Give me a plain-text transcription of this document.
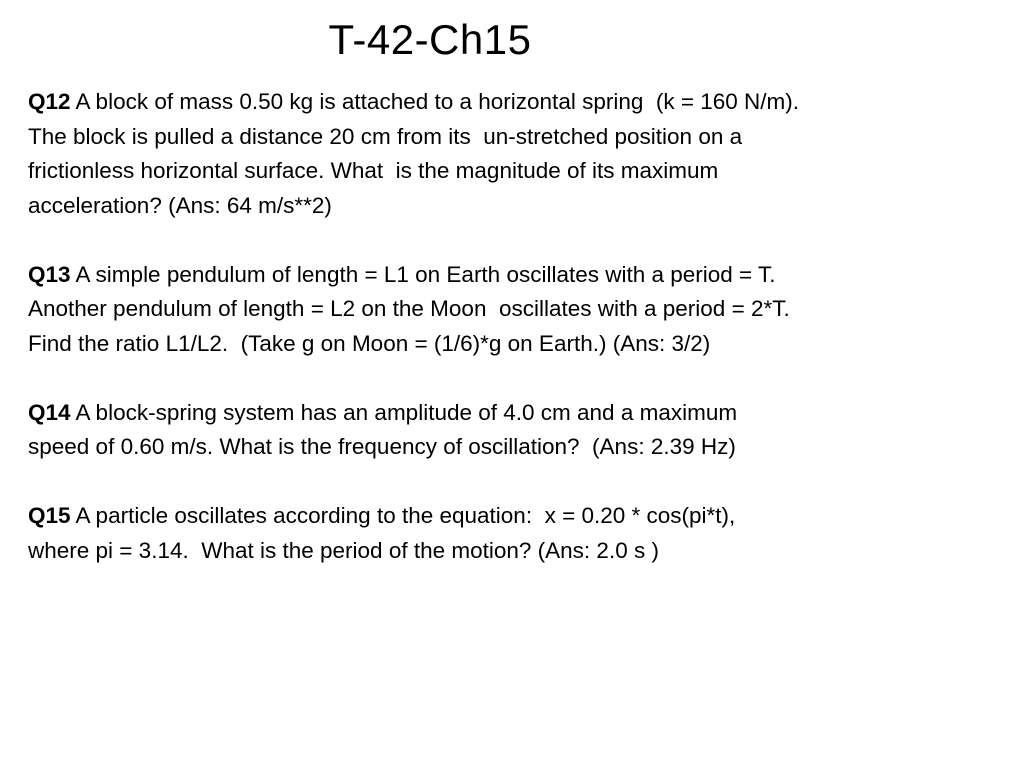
T-42-Ch15
Q12 A block of mass 0.50 kg is attached to a horizontal spring  (k = 160 N/m).
The block is pulled a distance 20 cm from its  un-stretched position on a
frictionless horizontal surface. What  is the magnitude of its maximum
acceleration? (Ans: 64 m/s**2)
Q13 A simple pendulum of length = L1 on Earth oscillates with a period = T.
Another pendulum of length = L2 on the Moon  oscillates with a period = 2*T.
Find the ratio L1/L2.  (Take g on Moon = (1/6)*g on Earth.) (Ans: 3/2)
Q14 A block-spring system has an amplitude of 4.0 cm and a maximum
speed of 0.60 m/s. What is the frequency of oscillation?  (Ans: 2.39 Hz)
Q15 A particle oscillates according to the equation:  x = 0.20 * cos(pi*t),
where pi = 3.14.  What is the period of the motion? (Ans: 2.0 s )
